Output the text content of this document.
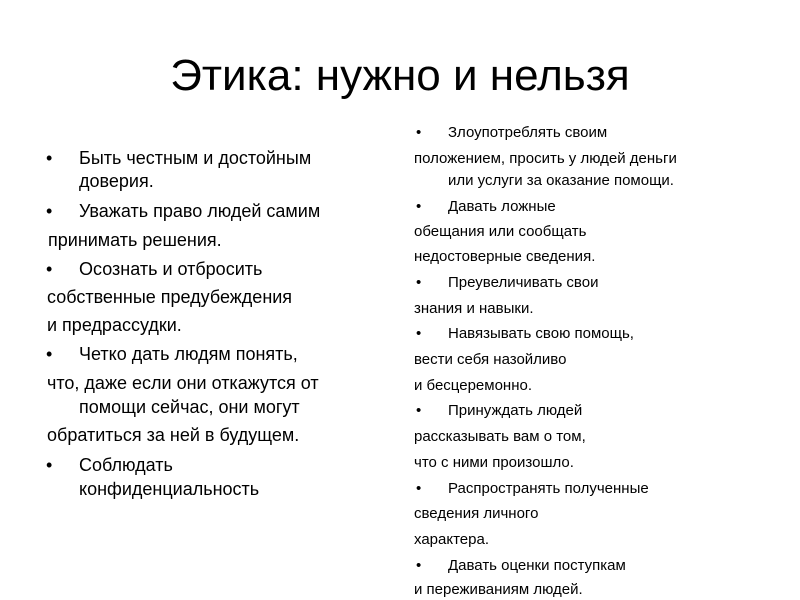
Этика: нужно и нельзя
• Быть честным и достойным
доверия.
• Уважать право людей самим
принимать решения.
• Осознать и отбросить
собственные предубеждения
и предрассудки.
• Четко дать людям понять,
что, даже если они откажутся от
помощи сейчас, они могут
обратиться за ней в будущем.
• Соблюдать
конфиденциальность
• Злоупотреблять своим
положением, просить у людей деньги
или услуги за оказание помощи.
• Давать ложные
обещания или сообщать
недостоверные сведения.
• Преувеличивать свои
знания и навыки.
• Навязывать свою помощь,
вести себя назойливо
и бесцеремонно.
• Принуждать людей
рассказывать вам о том,
что с ними произошло.
• Распространять полученные
сведения личного
характера.
• Давать оценки поступкам
и переживаниям людей.
